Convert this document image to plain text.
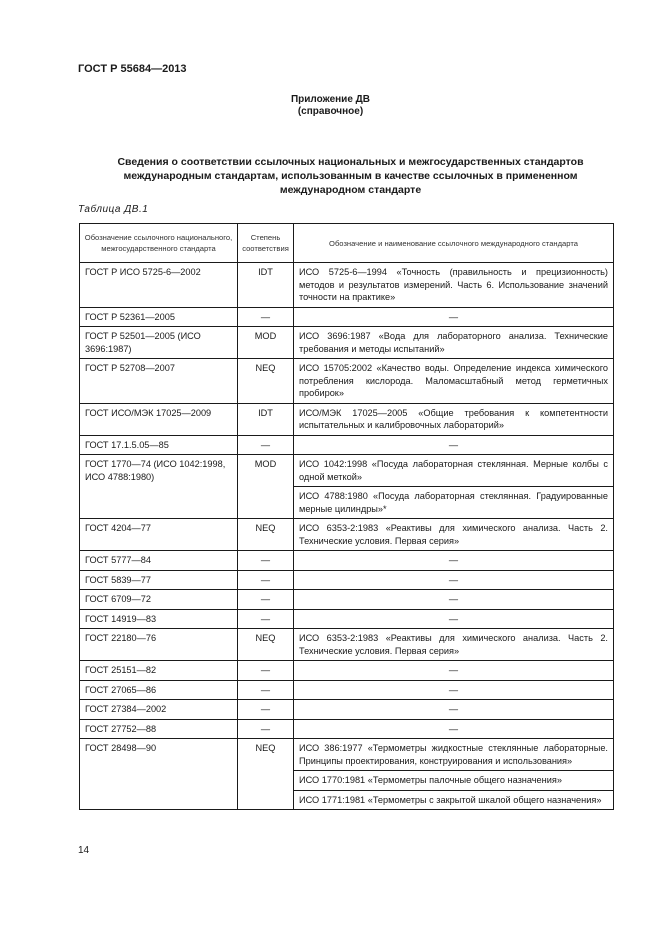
ГОСТ Р 55684—2013
Приложение ДВ
(справочное)
Сведения о соответствии ссылочных национальных и межгосударственных стандартов
международным стандартам, использованным в качестве ссылочных в примененном
международном стандарте
Таблица ДВ.1
Обозначение ссылочного национального, межгосударственного стандарта	Степень соответствия	Обозначение и наименование ссылочного международного стандарта
ГОСТ Р ИСО 5725-6—2002	IDT	ИСО 5725-6—1994 «Точность (правильность и прецизионность) методов и результатов измерений. Часть 6. Использование значений точности на практике»
ГОСТ Р 52361—2005	—	—
ГОСТ Р 52501—2005 (ИСО 3696:1987)	MOD	ИСО 3696:1987 «Вода для лабораторного анализа. Технические требования и методы испытаний»
ГОСТ Р 52708—2007	NEQ	ИСО 15705:2002 «Качество воды. Определение индекса химического потребления кислорода. Маломасштабный метод герметичных пробирок»
ГОСТ ИСО/МЭК 17025—2009	IDT	ИСО/МЭК 17025—2005 «Общие требования к компетентности испытательных и калибровочных лабораторий»
ГОСТ 17.1.5.05—85	—	—
ГОСТ 1770—74 (ИСО 1042:1998, ИСО 4788:1980)	MOD	ИСО 1042:1998 «Посуда лабораторная стеклянная. Мерные колбы с одной меткой»
		ИСО 4788:1980 «Посуда лабораторная стеклянная. Градуированные мерные цилиндры»*
ГОСТ 4204—77	NEQ	ИСО 6353-2:1983 «Реактивы для химического анализа. Часть 2. Технические условия. Первая серия»
ГОСТ 5777—84	—	—
ГОСТ 5839—77	—	—
ГОСТ 6709—72	—	—
ГОСТ 14919—83	—	—
ГОСТ 22180—76	NEQ	ИСО 6353-2:1983 «Реактивы для химического анализа. Часть 2. Технические условия. Первая серия»
ГОСТ 25151—82	—	—
ГОСТ 27065—86	—	—
ГОСТ 27384—2002	—	—
ГОСТ 27752—88	—	—
ГОСТ 28498—90	NEQ	ИСО 386:1977 «Термометры жидкостные стеклянные лабораторные. Принципы проектирования, конструирования и использования»
		ИСО 1770:1981 «Термометры палочные общего назначения»
		ИСО 1771:1981 «Термометры с закрытой шкалой общего назначения»
14
